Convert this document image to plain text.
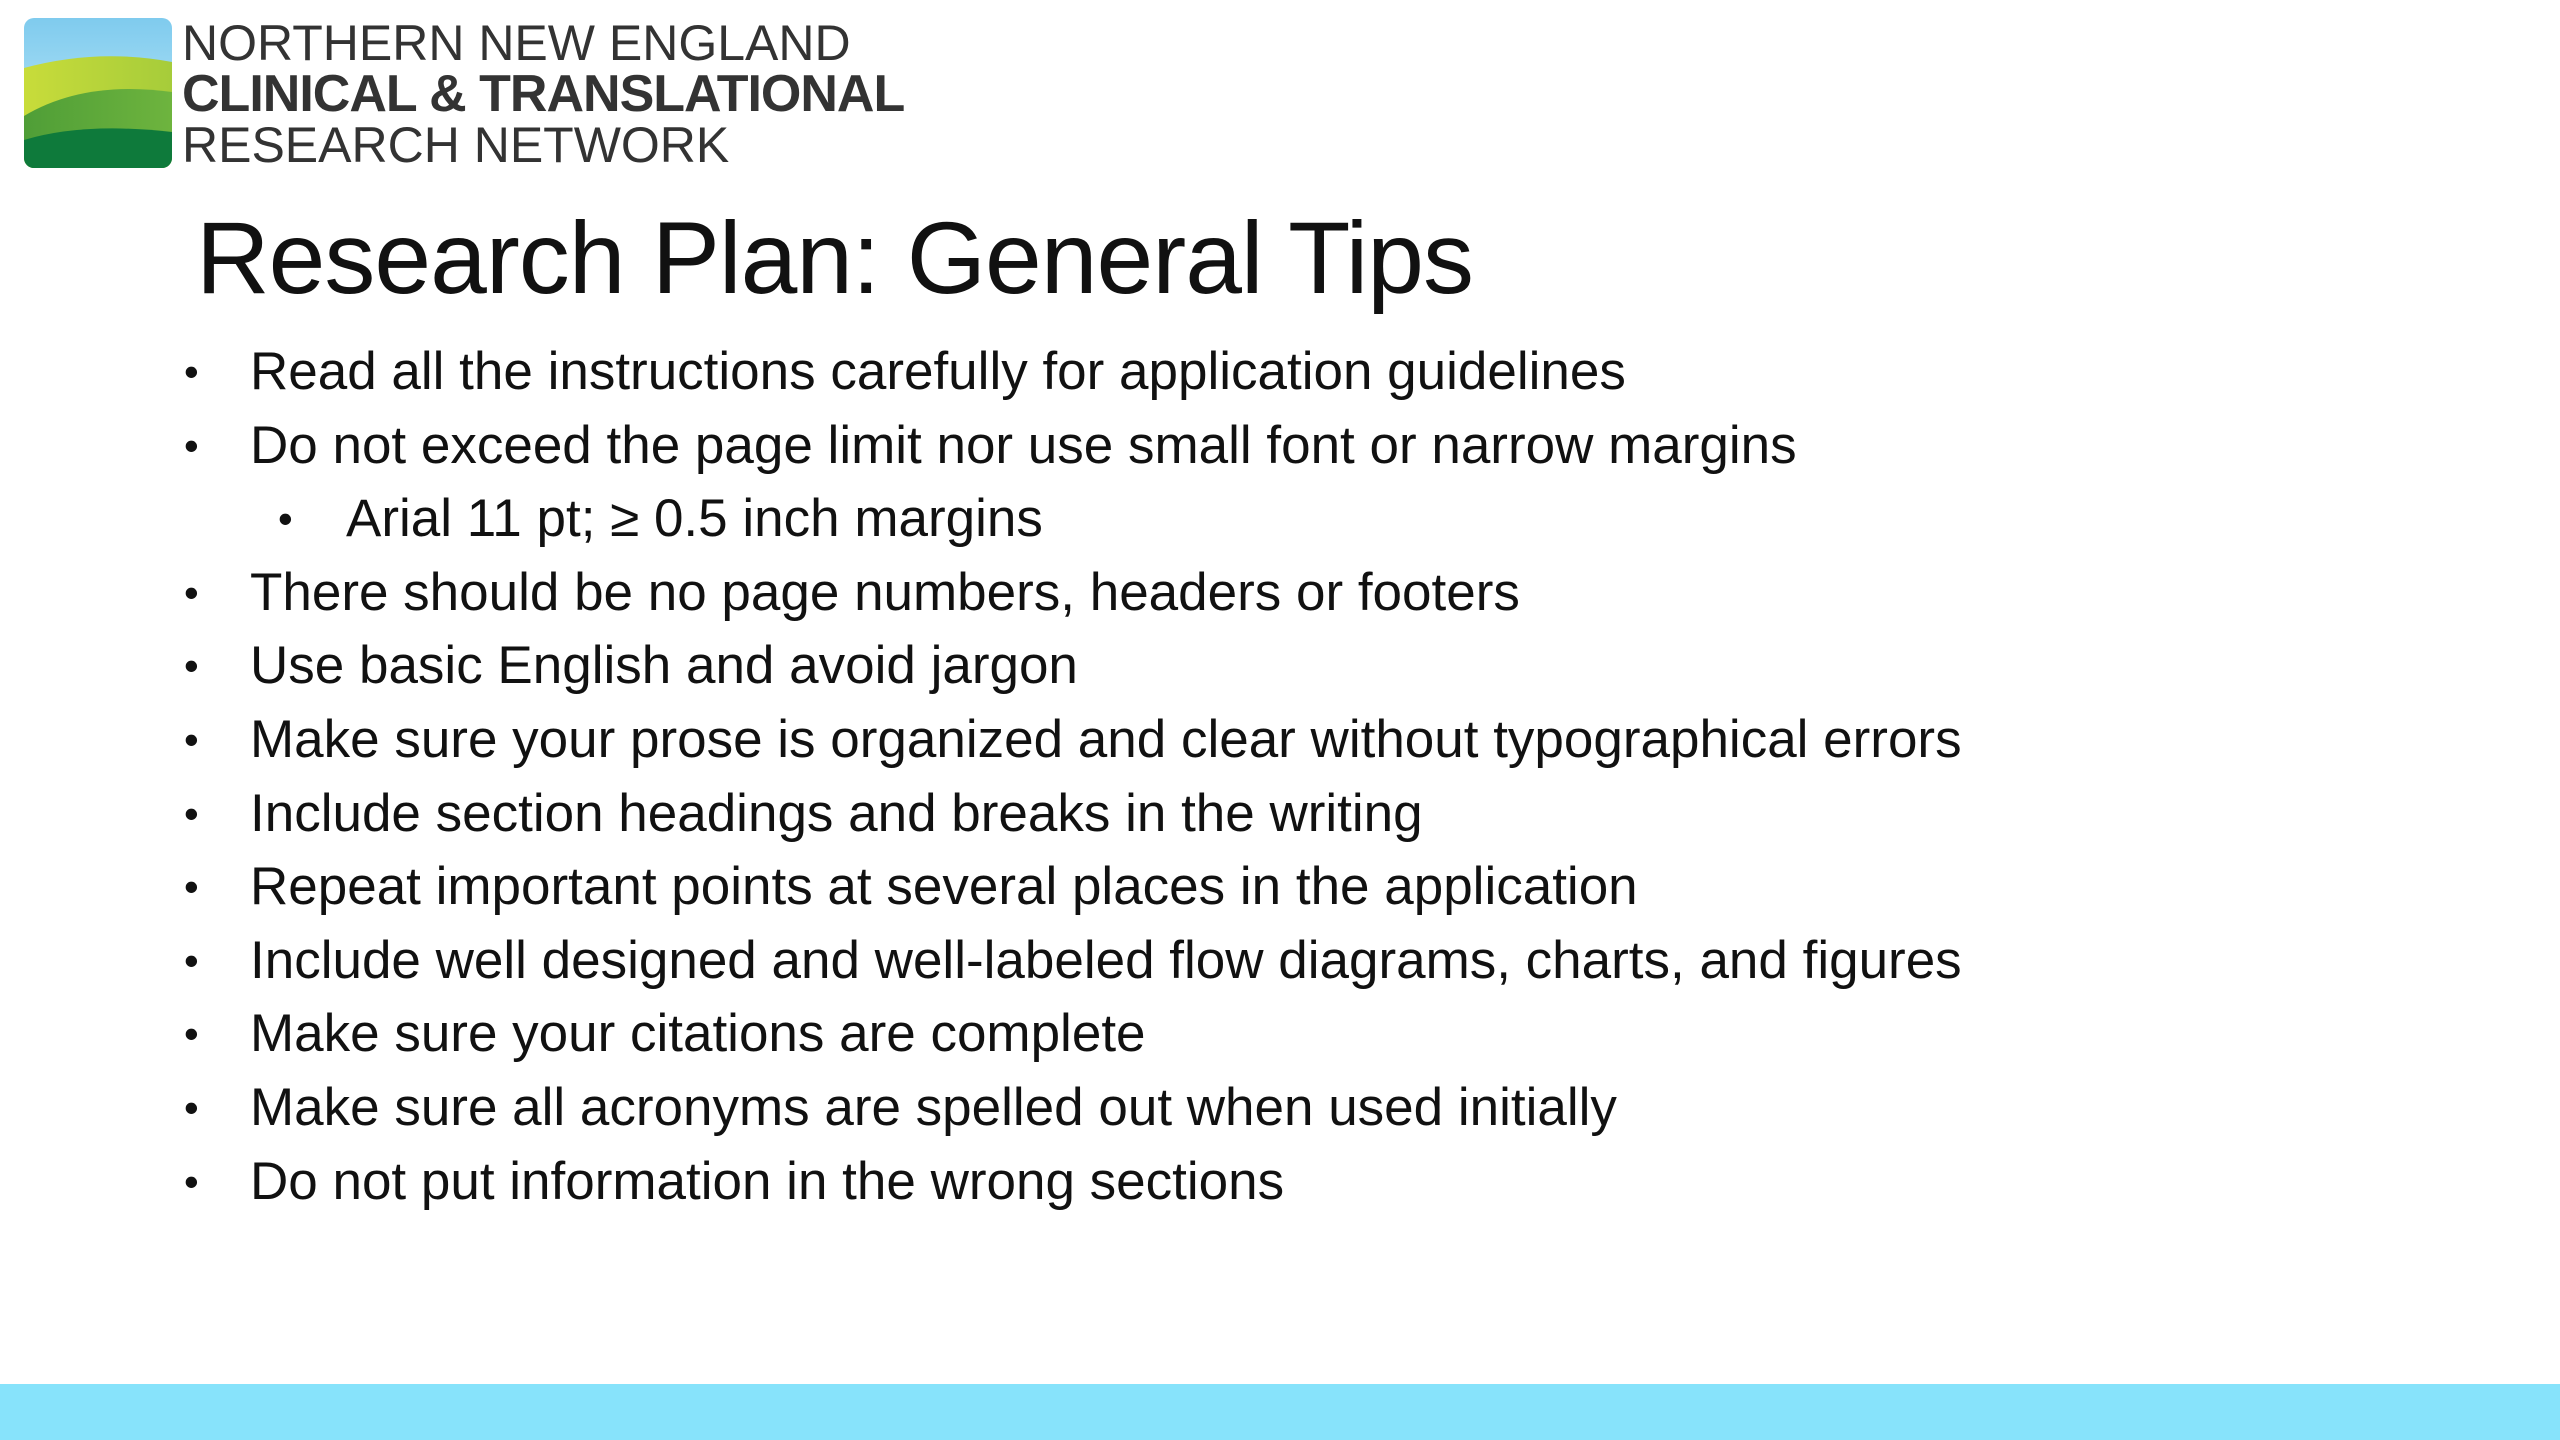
NORTHERN NEW ENGLAND
CLINICAL & TRANSLATIONAL
RESEARCH NETWORK
Research Plan: General Tips
• Read all the instructions carefully for application guidelines
• Do not exceed the page limit nor use small font or narrow margins
• Arial 11 pt; ≥ 0.5 inch margins
• There should be no page numbers, headers or footers
• Use basic English and avoid jargon
• Make sure your prose is organized and clear without typographical errors
• Include section headings and breaks in the writing
• Repeat important points at several places in the application
• Include well designed and well-labeled flow diagrams, charts, and figures
• Make sure your citations are complete
• Make sure all acronyms are spelled out when used initially
• Do not put information in the wrong sections
